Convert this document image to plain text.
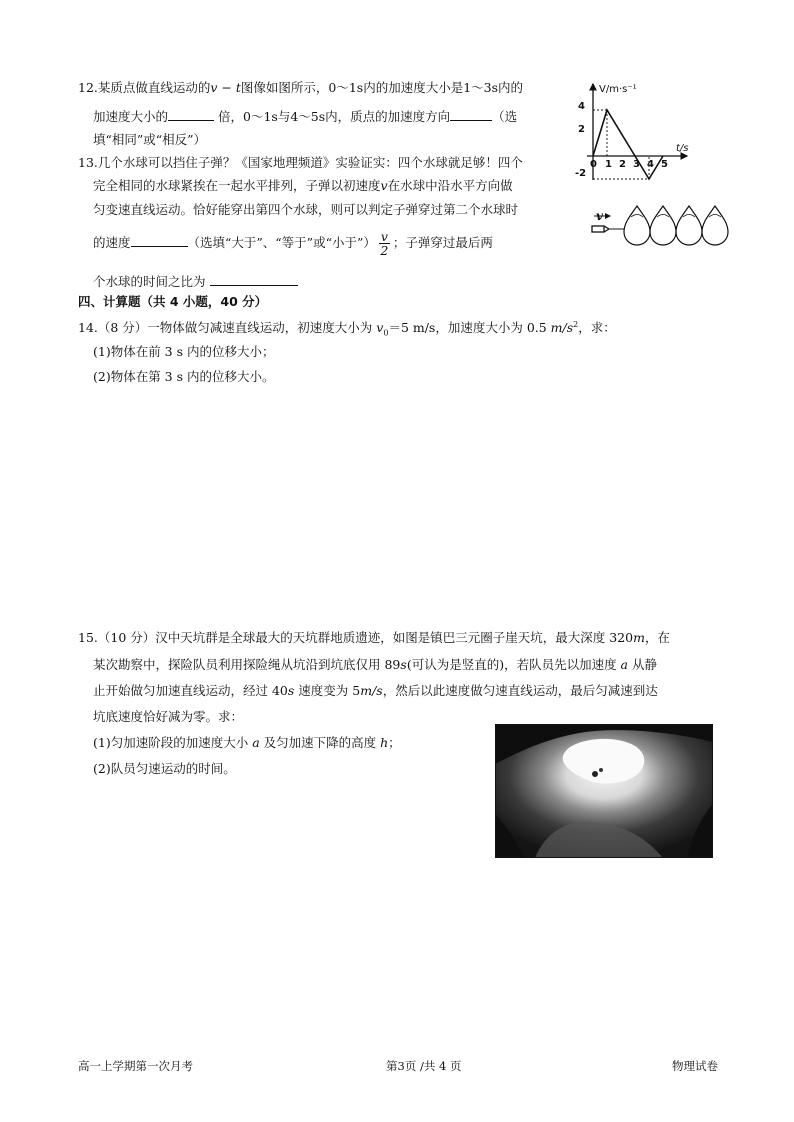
12.某质点做直线运动的v − t图像如图所示，0～1s内的加速度大小是1～3s内的
加速度大小的	倍，0～1s与4～5s内，质点的加速度方向	（选
填“相同”或“相反”）
V/m·s⁻¹
t/s
4
2
-2
0 1 2 3 4 5
13.几个水球可以挡住子弹？《国家地理频道》实验证实：四个水球就足够！四个
完全相同的水球紧挨在一起水平排列，子弹以初速度v在水球中沿水平方向做
匀变速直线运动。恰好能穿出第四个水球，则可以判定子弹穿过第二个水球时
的速度	（选填“大于”、“等于”或“小于”） $\frac{v}{2}$ ；子弹穿过最后两
个水球的时间之比为
v
四、计算题（共 4 小题，40 分）
14.（8 分）一物体做匀减速直线运动，初速度大小为 $v_0=5$ m/s，加速度大小为 0.5 $m/s^2$，求：
(1)物体在前 3 s 内的位移大小；
(2)物体在第 3 s 内的位移大小。
15.（10 分）汉中天坑群是全球最大的天坑群地质遗迹，如图是镇巴三元圈子崖天坑，最大深度 320m，在
某次勘察中，探险队员利用探险绳从坑沿到坑底仅用 89s(可认为是竖直的)，若队员先以加速度 a 从静
止开始做匀加速直线运动，经过 40s 速度变为 5m/s，然后以此速度做匀速直线运动，最后匀减速到达
坑底速度恰好减为零。求：
(1)匀加速阶段的加速度大小 a 及匀加速下降的高度 h；
(2)队员匀速运动的时间。
高一上学期第一次月考	第3页 /共 4 页	物理试卷
